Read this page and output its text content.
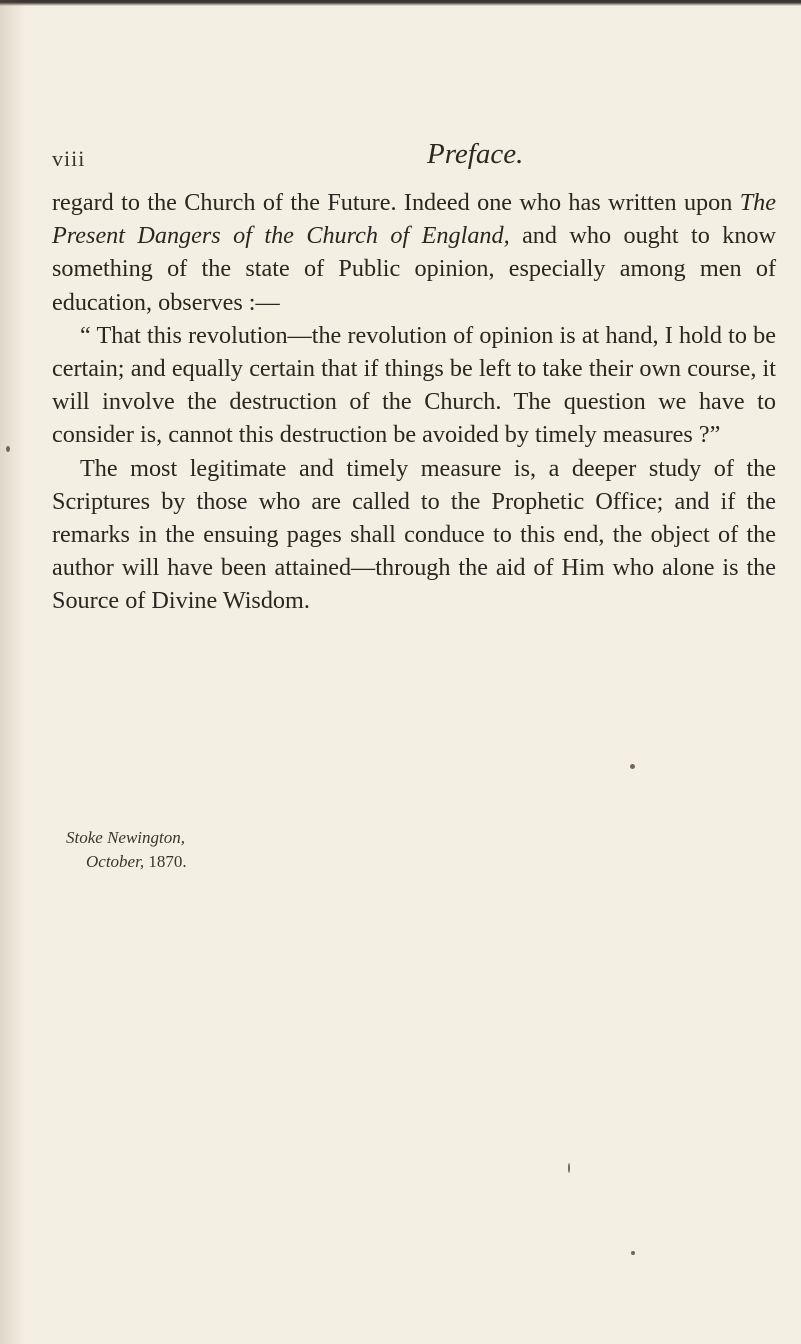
viii	Preface.

regard to the Church of the Future. Indeed one who has written upon The Present Dangers of the Church of England, and who ought to know something of the state of Public opinion, especially among men of education, observes :—

“ That this revolution—the revolution of opinion is at hand, I hold to be certain; and equally certain that if things be left to take their own course, it will involve the destruction of the Church. The question we have to consider is, cannot this destruction be avoided by timely measures ?”

The most legitimate and timely measure is, a deeper study of the Scriptures by those who are called to the Prophetic Office; and if the remarks in the ensuing pages shall conduce to this end, the object of the author will have been attained—through the aid of Him who alone is the Source of Divine Wisdom.

Stoke Newington,
October, 1870.
